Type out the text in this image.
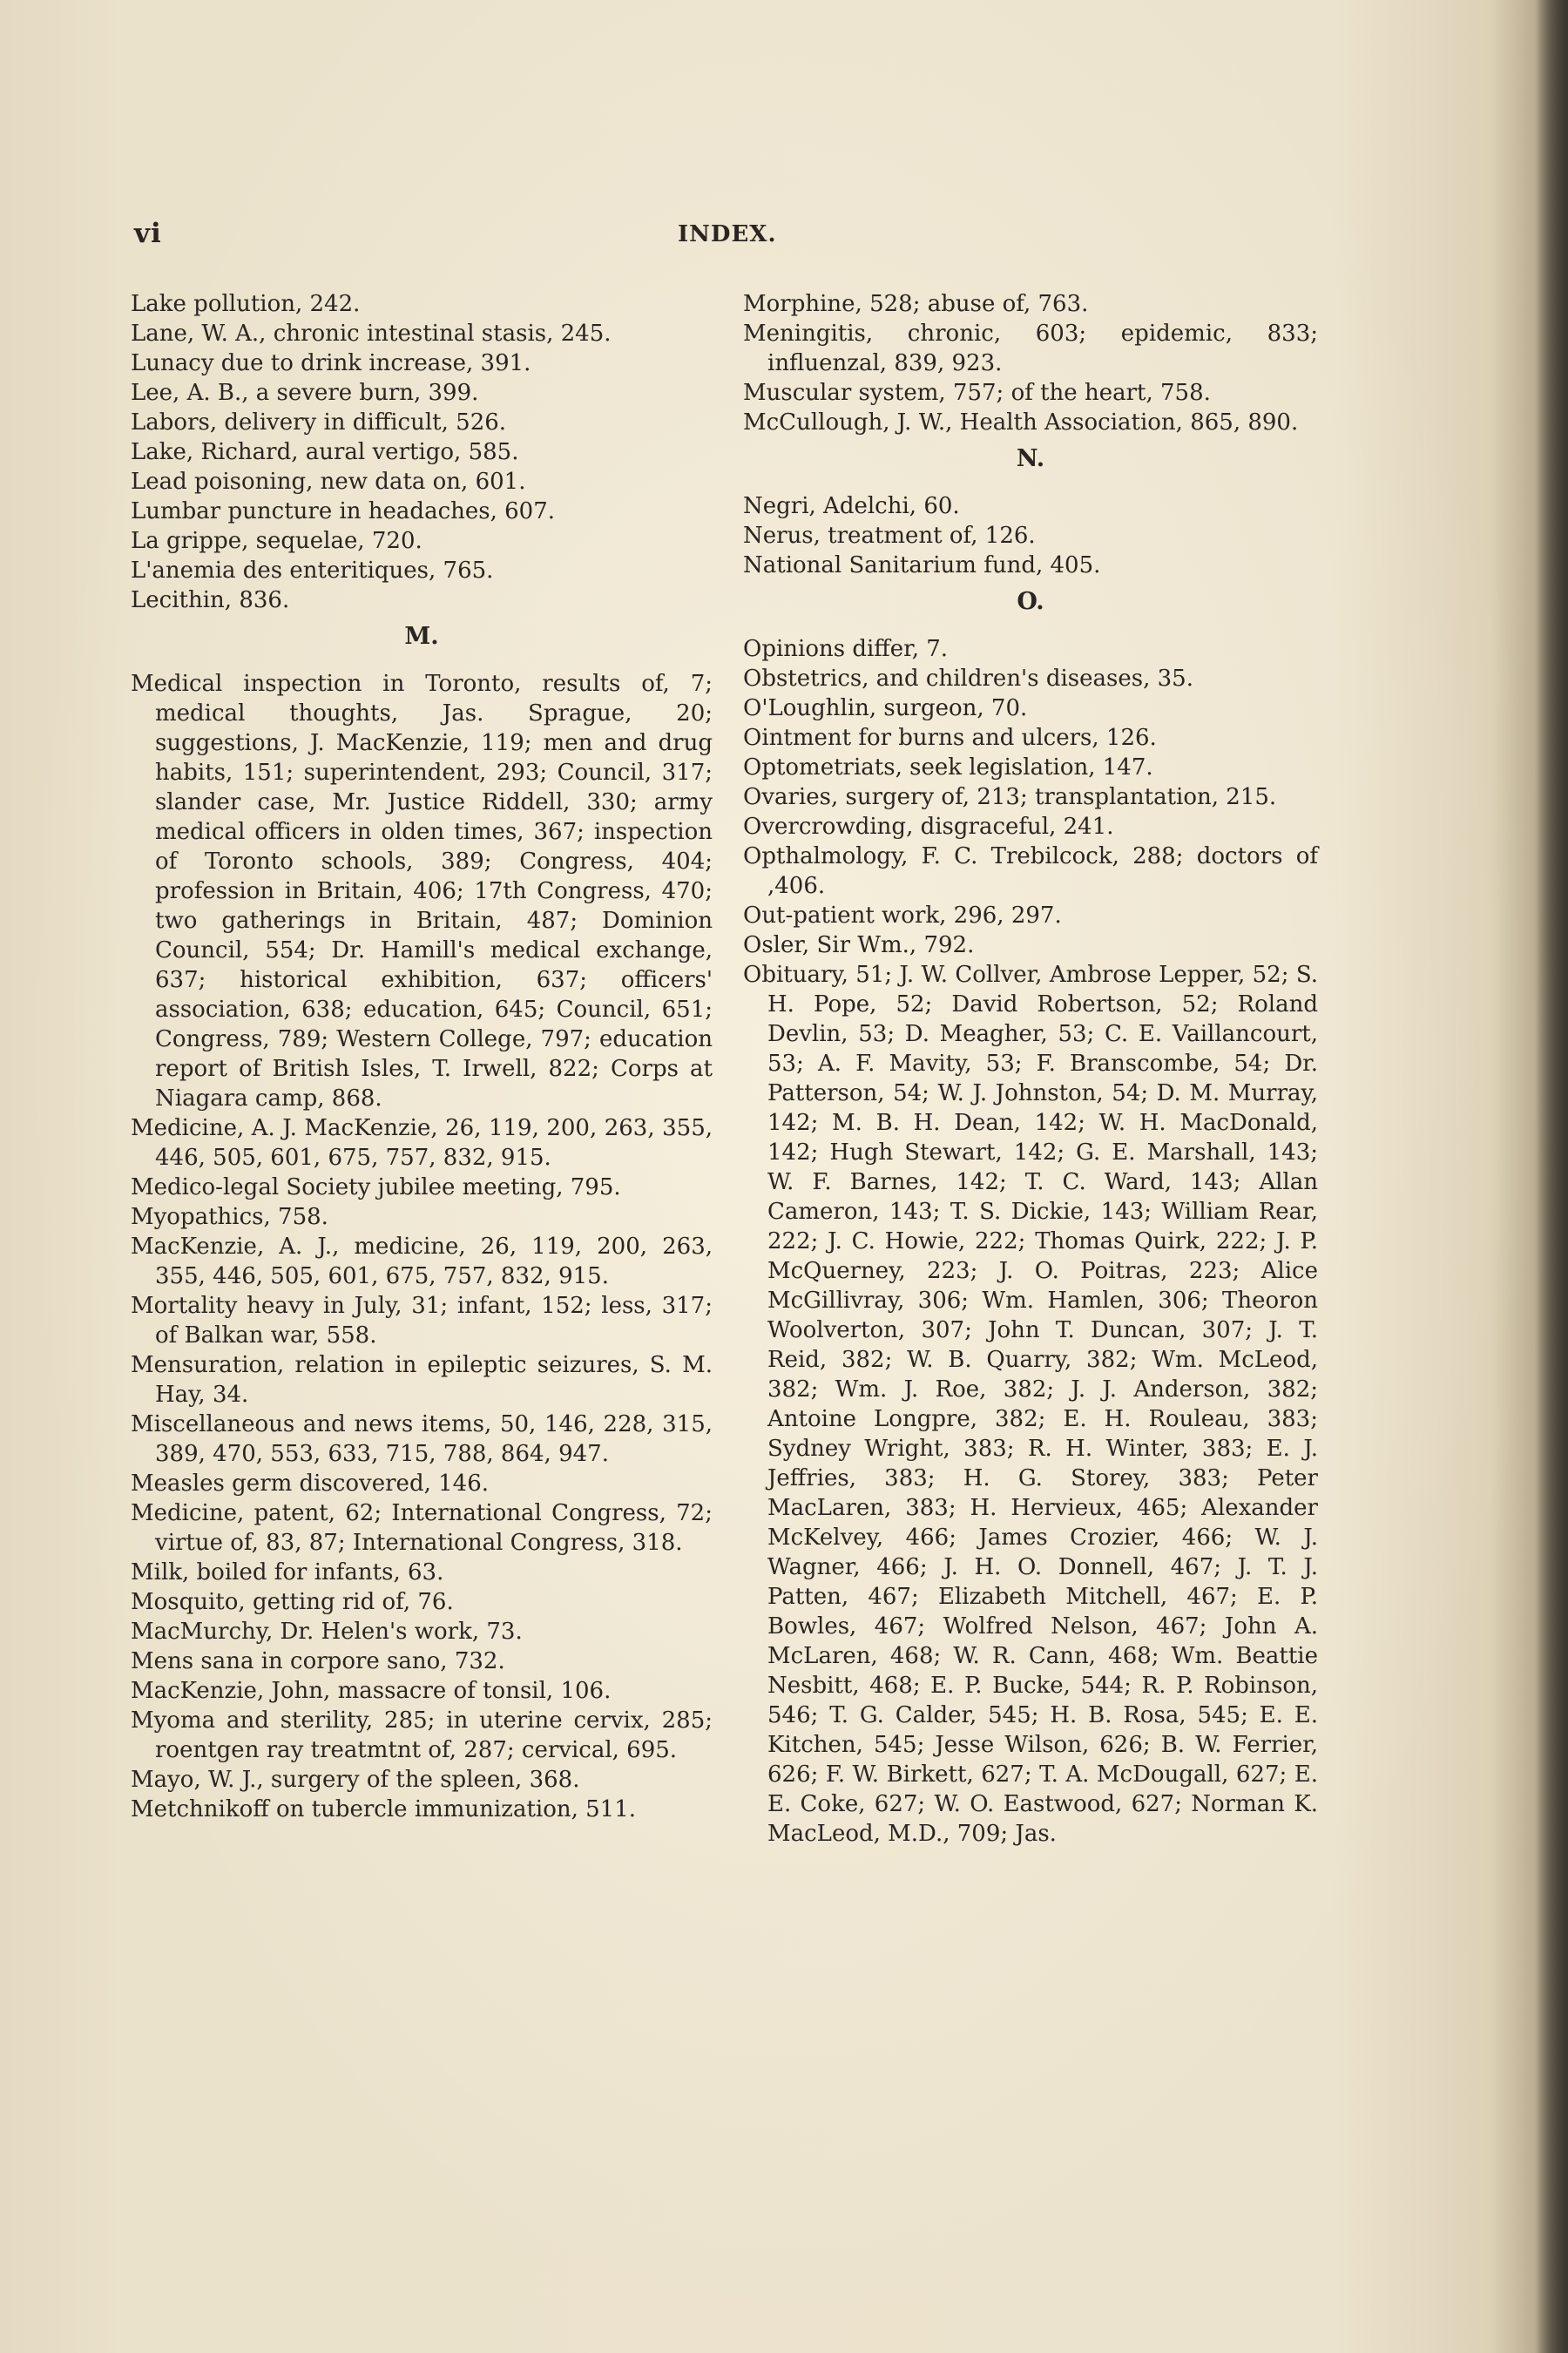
vi	INDEX.

Lake pollution, 242.

Lane, W. A., chronic intestinal stasis, 245.

Lunacy due to drink increase, 391.

Lee, A. B., a severe burn, 399.

Labors, delivery in difficult, 526.

Lake, Richard, aural vertigo, 585.

Lead poisoning, new data on, 601.

Lumbar puncture in headaches, 607.

La grippe, sequelae, 720.

L'anemia des enteritiques, 765.

Lecithin, 836.

M.

Medical inspection in Toronto, results of, 7; medical thoughts, Jas. Sprague, 20; suggestions, J. MacKenzie, 119; men and drug habits, 151; superintendent, 293; Council, 317; slander case, Mr. Justice Riddell, 330; army medical officers in olden times, 367; inspection of Toronto schools, 389; Congress, 404; profession in Britain, 406; 17th Congress, 470; two gatherings in Britain, 487; Dominion Council, 554; Dr. Hamill's medical exchange, 637; historical exhibition, 637; officers' association, 638; education, 645; Council, 651; Congress, 789; Western College, 797; education report of British Isles, T. Irwell, 822; Corps at Niagara camp, 868.

Medicine, A. J. MacKenzie, 26, 119, 200, 263, 355, 446, 505, 601, 675, 757, 832, 915.

Medico-legal Society jubilee meeting, 795.

Myopathics, 758.

MacKenzie, A. J., medicine, 26, 119, 200, 263, 355, 446, 505, 601, 675, 757, 832, 915.

Mortality heavy in July, 31; infant, 152; less, 317; of Balkan war, 558.

Mensuration, relation in epileptic seizures, S. M. Hay, 34.

Miscellaneous and news items, 50, 146, 228, 315, 389, 470, 553, 633, 715, 788, 864, 947.

Measles germ discovered, 146.

Medicine, patent, 62; International Congress, 72; virtue of, 83, 87; International Congress, 318.

Milk, boiled for infants, 63.

Mosquito, getting rid of, 76.

MacMurchy, Dr. Helen's work, 73.

Mens sana in corpore sano, 732.

MacKenzie, John, massacre of tonsil, 106.

Myoma and sterility, 285; in uterine cervix, 285; roentgen ray treatmtnt of, 287; cervical, 695.

Mayo, W. J., surgery of the spleen, 368.

Metchnikoff on tubercle immunization, 511.

Morphine, 528; abuse of, 763.

Meningitis, chronic, 603; epidemic, 833; influenzal, 839, 923.

Muscular system, 757; of the heart, 758.

McCullough, J. W., Health Association, 865, 890.

N.

Negri, Adelchi, 60.

Nerus, treatment of, 126.

National Sanitarium fund, 405.

O.

Opinions differ, 7.

Obstetrics, and children's diseases, 35.

O'Loughlin, surgeon, 70.

Ointment for burns and ulcers, 126.

Optometriats, seek legislation, 147.

Ovaries, surgery of, 213; transplantation, 215.

Overcrowding, disgraceful, 241.

Opthalmology, F. C. Trebilcock, 288; doctors of ,406.

Out-patient work, 296, 297.

Osler, Sir Wm., 792.

Obituary, 51; J. W. Collver, Ambrose Lepper, 52; S. H. Pope, 52; David Robertson, 52; Roland Devlin, 53; D. Meagher, 53; C. E. Vaillancourt, 53; A. F. Mavity, 53; F. Branscombe, 54; Dr. Patterson, 54; W. J. Johnston, 54; D. M. Murray, 142; M. B. H. Dean, 142; W. H. MacDonald, 142; Hugh Stewart, 142; G. E. Marshall, 143; W. F. Barnes, 142; T. C. Ward, 143; Allan Cameron, 143; T. S. Dickie, 143; William Rear, 222; J. C. Howie, 222; Thomas Quirk, 222; J. P. McQuerney, 223; J. O. Poitras, 223; Alice McGillivray, 306; Wm. Hamlen, 306; Theoron Woolverton, 307; John T. Duncan, 307; J. T. Reid, 382; W. B. Quarry, 382; Wm. McLeod, 382; Wm. J. Roe, 382; J. J. Anderson, 382; Antoine Longpre, 382; E. H. Rouleau, 383; Sydney Wright, 383; R. H. Winter, 383; E. J. Jeffries, 383; H. G. Storey, 383; Peter MacLaren, 383; H. Hervieux, 465; Alexander McKelvey, 466; James Crozier, 466; W. J. Wagner, 466; J. H. O. Donnell, 467; J. T. J. Patten, 467; Elizabeth Mitchell, 467; E. P. Bowles, 467; Wolfred Nelson, 467; John A. McLaren, 468; W. R. Cann, 468; Wm. Beattie Nesbitt, 468; E. P. Bucke, 544; R. P. Robinson, 546; T. G. Calder, 545; H. B. Rosa, 545; E. E. Kitchen, 545; Jesse Wilson, 626; B. W. Ferrier, 626; F. W. Birkett, 627; T. A. McDougall, 627; E. E. Coke, 627; W. O. Eastwood, 627; Norman K. MacLeod, M.D., 709; Jas.
